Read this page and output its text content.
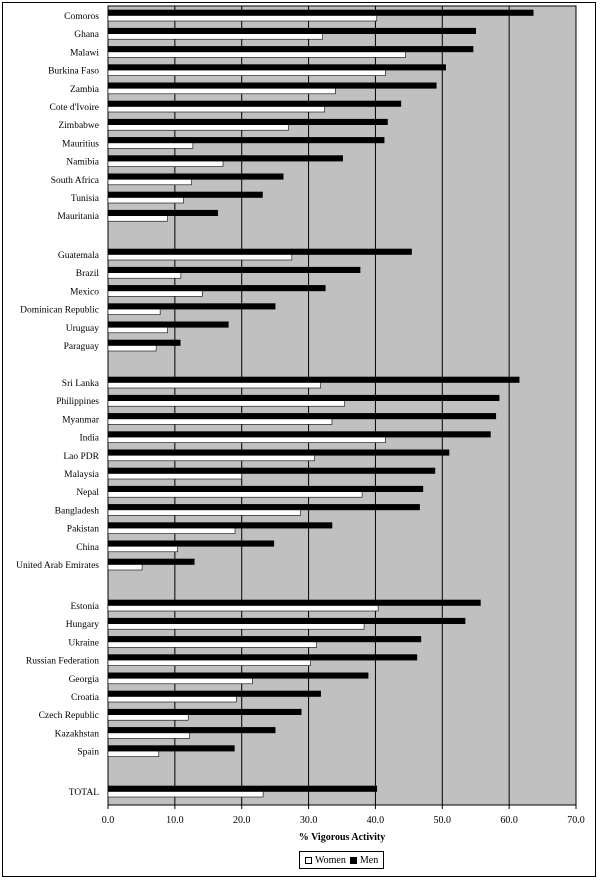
Comoros
Ghana
Malawi
Burkina Faso
Zambia
Cote d'Ivoire
Zimbabwe
Mauritius
Namibia
South Africa
Tunisia
Mauritania
Guatemala
Brazil
Mexico
Dominican Republic
Uruguay
Paraguay
Sri Lanka
Philippines
Myanmar
India
Lao PDR
Malaysia
Nepal
Bangladesh
Pakistan
China
United Arab Emirates
Estonia
Hungary
Ukraine
Russian Federation
Georgia
Croatia
Czech Republic
Kazakhstan
Spain
TOTAL
0.0	10.0	20.0	30.0	40.0	50.0	60.0	70.0
% Vigorous Activity
Women Men
